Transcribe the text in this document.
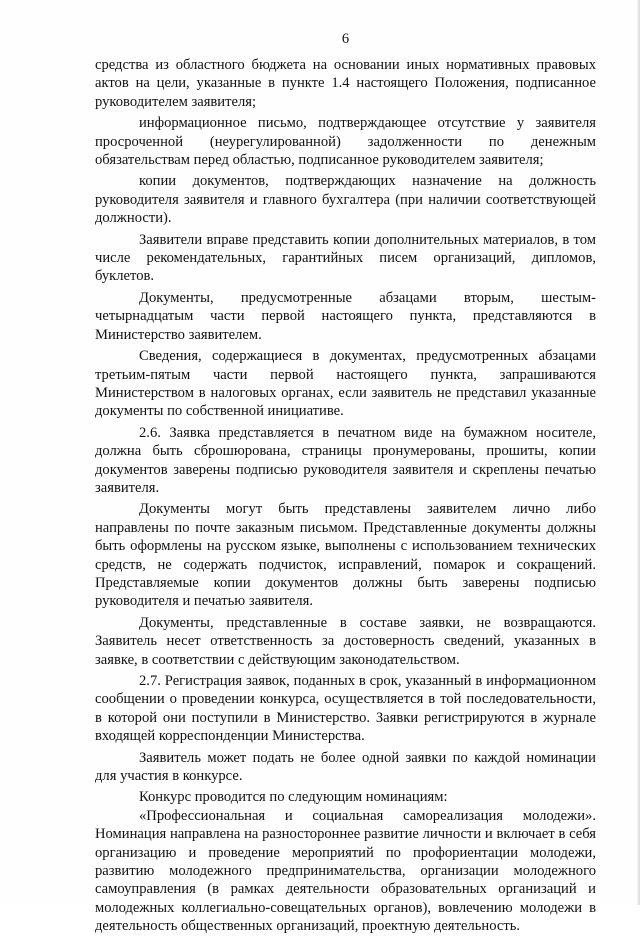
6

средства из областного бюджета на основании иных нормативных правовых актов на цели, указанные в пункте 1.4 настоящего Положения, подписанное руководителем заявителя;

информационное письмо, подтверждающее отсутствие у заявителя просроченной (неурегулированной) задолженности по денежным обязательствам перед областью, подписанное руководителем заявителя;

копии документов, подтверждающих назначение на должность руководителя заявителя и главного бухгалтера (при наличии соответствующей должности).

Заявители вправе представить копии дополнительных материалов, в том числе рекомендательных, гарантийных писем организаций, дипломов, буклетов.

Документы, предусмотренные абзацами вторым, шестым-четырнадцатым части первой настоящего пункта, представляются в Министерство заявителем.

Сведения, содержащиеся в документах, предусмотренных абзацами третьим-пятым части первой настоящего пункта, запрашиваются Министерством в налоговых органах, если заявитель не представил указанные документы по собственной инициативе.

2.6. Заявка представляется в печатном виде на бумажном носителе, должна быть сброшюрована, страницы пронумерованы, прошиты, копии документов заверены подписью руководителя заявителя и скреплены печатью заявителя.

Документы могут быть представлены заявителем лично либо направлены по почте заказным письмом. Представленные документы должны быть оформлены на русском языке, выполнены с использованием технических средств, не содержать подчисток, исправлений, помарок и сокращений. Представляемые копии документов должны быть заверены подписью руководителя и печатью заявителя.

Документы, представленные в составе заявки, не возвращаются. Заявитель несет ответственность за достоверность сведений, указанных в заявке, в соответствии с действующим законодательством.

2.7. Регистрация заявок, поданных в срок, указанный в информационном сообщении о проведении конкурса, осуществляется в той последовательности, в которой они поступили в Министерство. Заявки регистрируются в журнале входящей корреспонденции Министерства.

Заявитель может подать не более одной заявки по каждой номинации для участия в конкурсе.

Конкурс проводится по следующим номинациям:

«Профессиональная и социальная самореализация молодежи». Номинация направлена на разностороннее развитие личности и включает в себя организацию и проведение мероприятий по профориентации молодежи, развитию молодежного предпринимательства, организации молодежного самоуправления (в рамках деятельности образовательных организаций и молодежных коллегиально-совещательных органов), вовлечению молодежи в деятельность общественных организаций, проектную деятельность.
